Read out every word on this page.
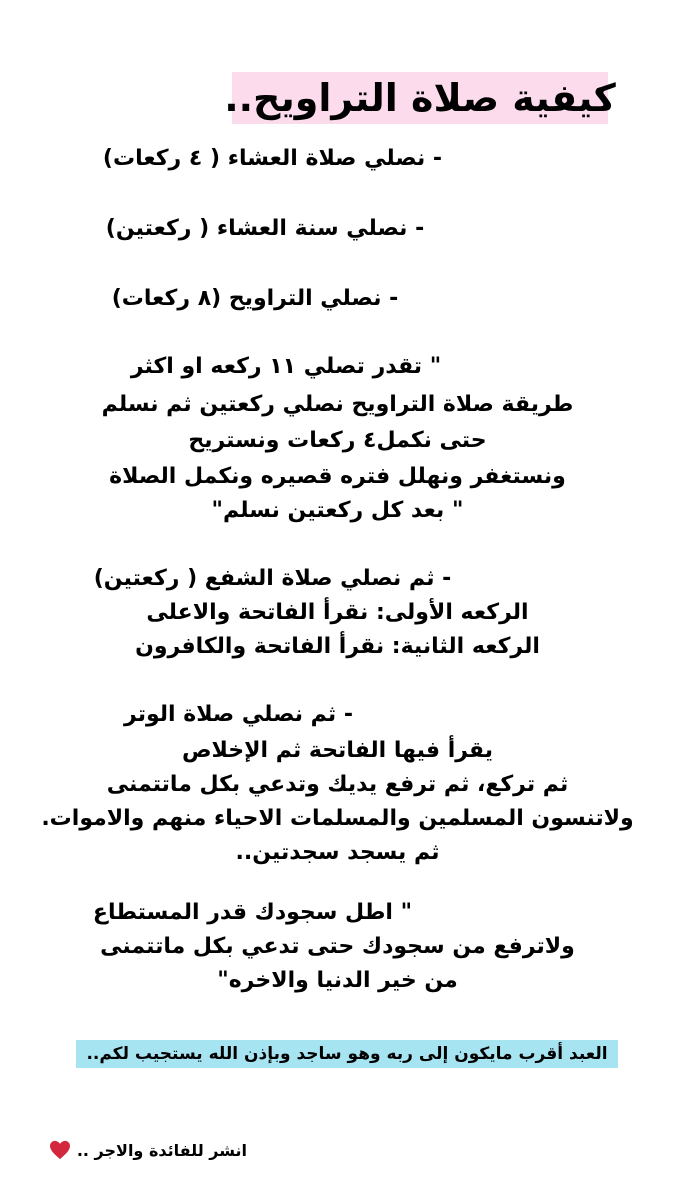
كيفية صلاة التراويح..
- نصلي صلاة العشاء ( ٤ ركعات)
- نصلي سنة العشاء ( ركعتين)
- نصلي التراويح (٨ ركعات)
" تقدر تصلي ١١ ركعه او اكثر
طريقة صلاة التراويح نصلي ركعتين ثم نسلم
حتى نكمل٤ ركعات ونستريح
ونستغفر ونهلل فتره قصيره ونكمل الصلاة
" بعد كل ركعتين نسلم"
- ثم نصلي صلاة الشفع ( ركعتين)
الركعه الأولى: نقرأ الفاتحة والاعلى
الركعه الثانية: نقرأ الفاتحة والكافرون
- ثم نصلي صلاة الوتر
يقرأ فيها الفاتحة ثم الإخلاص
ثم تركع، ثم ترفع يديك وتدعي بكل ماتتمنى
ولاتنسون المسلمين والمسلمات الاحياء منهم والاموات.
ثم يسجد سجدتين..
" اطل سجودك قدر المستطاع
ولاترفع من سجودك حتى تدعي بكل ماتتمنى
من خير الدنيا والاخره"
العبد أقرب مايكون إلى ربه وهو ساجد وبإذن الله يستجيب لكم..
انشر للفائدة والاجر ..
